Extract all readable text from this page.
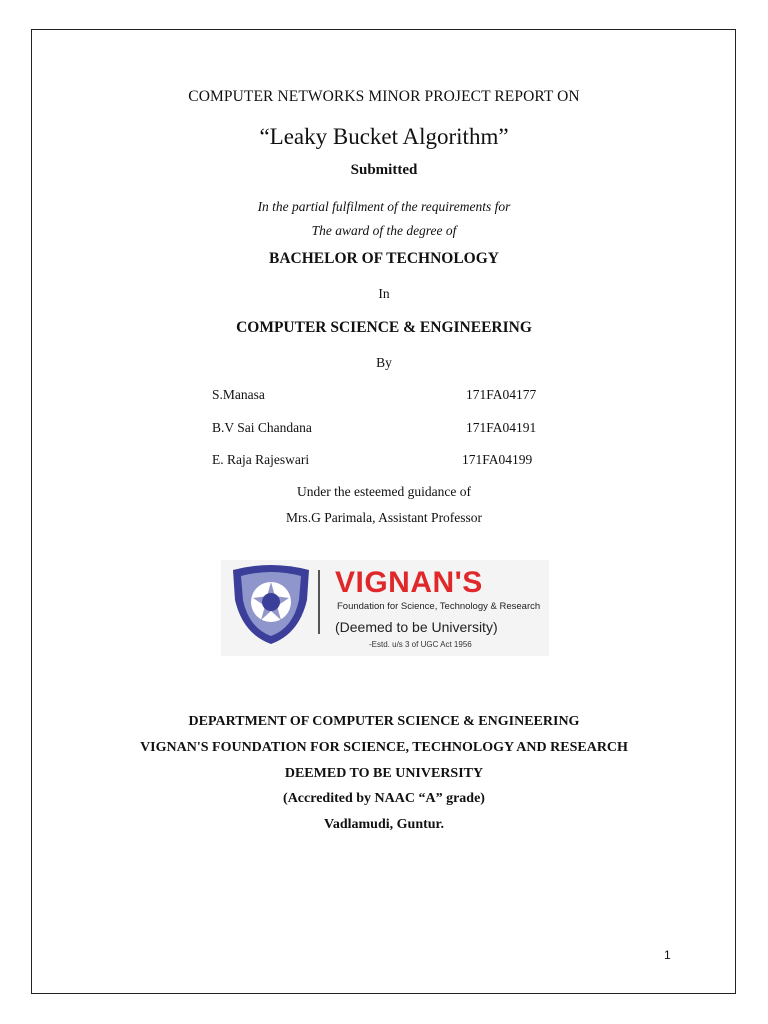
COMPUTER NETWORKS MINOR PROJECT REPORT ON
“Leaky Bucket Algorithm”
Submitted
In the partial fulfilment of the requirements for
The award of the degree of
BACHELOR OF TECHNOLOGY
In
COMPUTER SCIENCE & ENGINEERING
By
S.Manasa	171FA04177
B.V Sai Chandana	171FA04191
E. Raja Rajeswari	171FA04199
Under the esteemed guidance of
Mrs.G Parimala, Assistant Professor
VIGNAN'S
Foundation for Science, Technology & Research
(Deemed to be University)
-Estd. u/s 3 of UGC Act 1956
DEPARTMENT OF COMPUTER SCIENCE & ENGINEERING
VIGNAN'S FOUNDATION FOR SCIENCE, TECHNOLOGY AND RESEARCH
DEEMED TO BE UNIVERSITY
(Accredited by NAAC “A” grade)
Vadlamudi, Guntur.
1
